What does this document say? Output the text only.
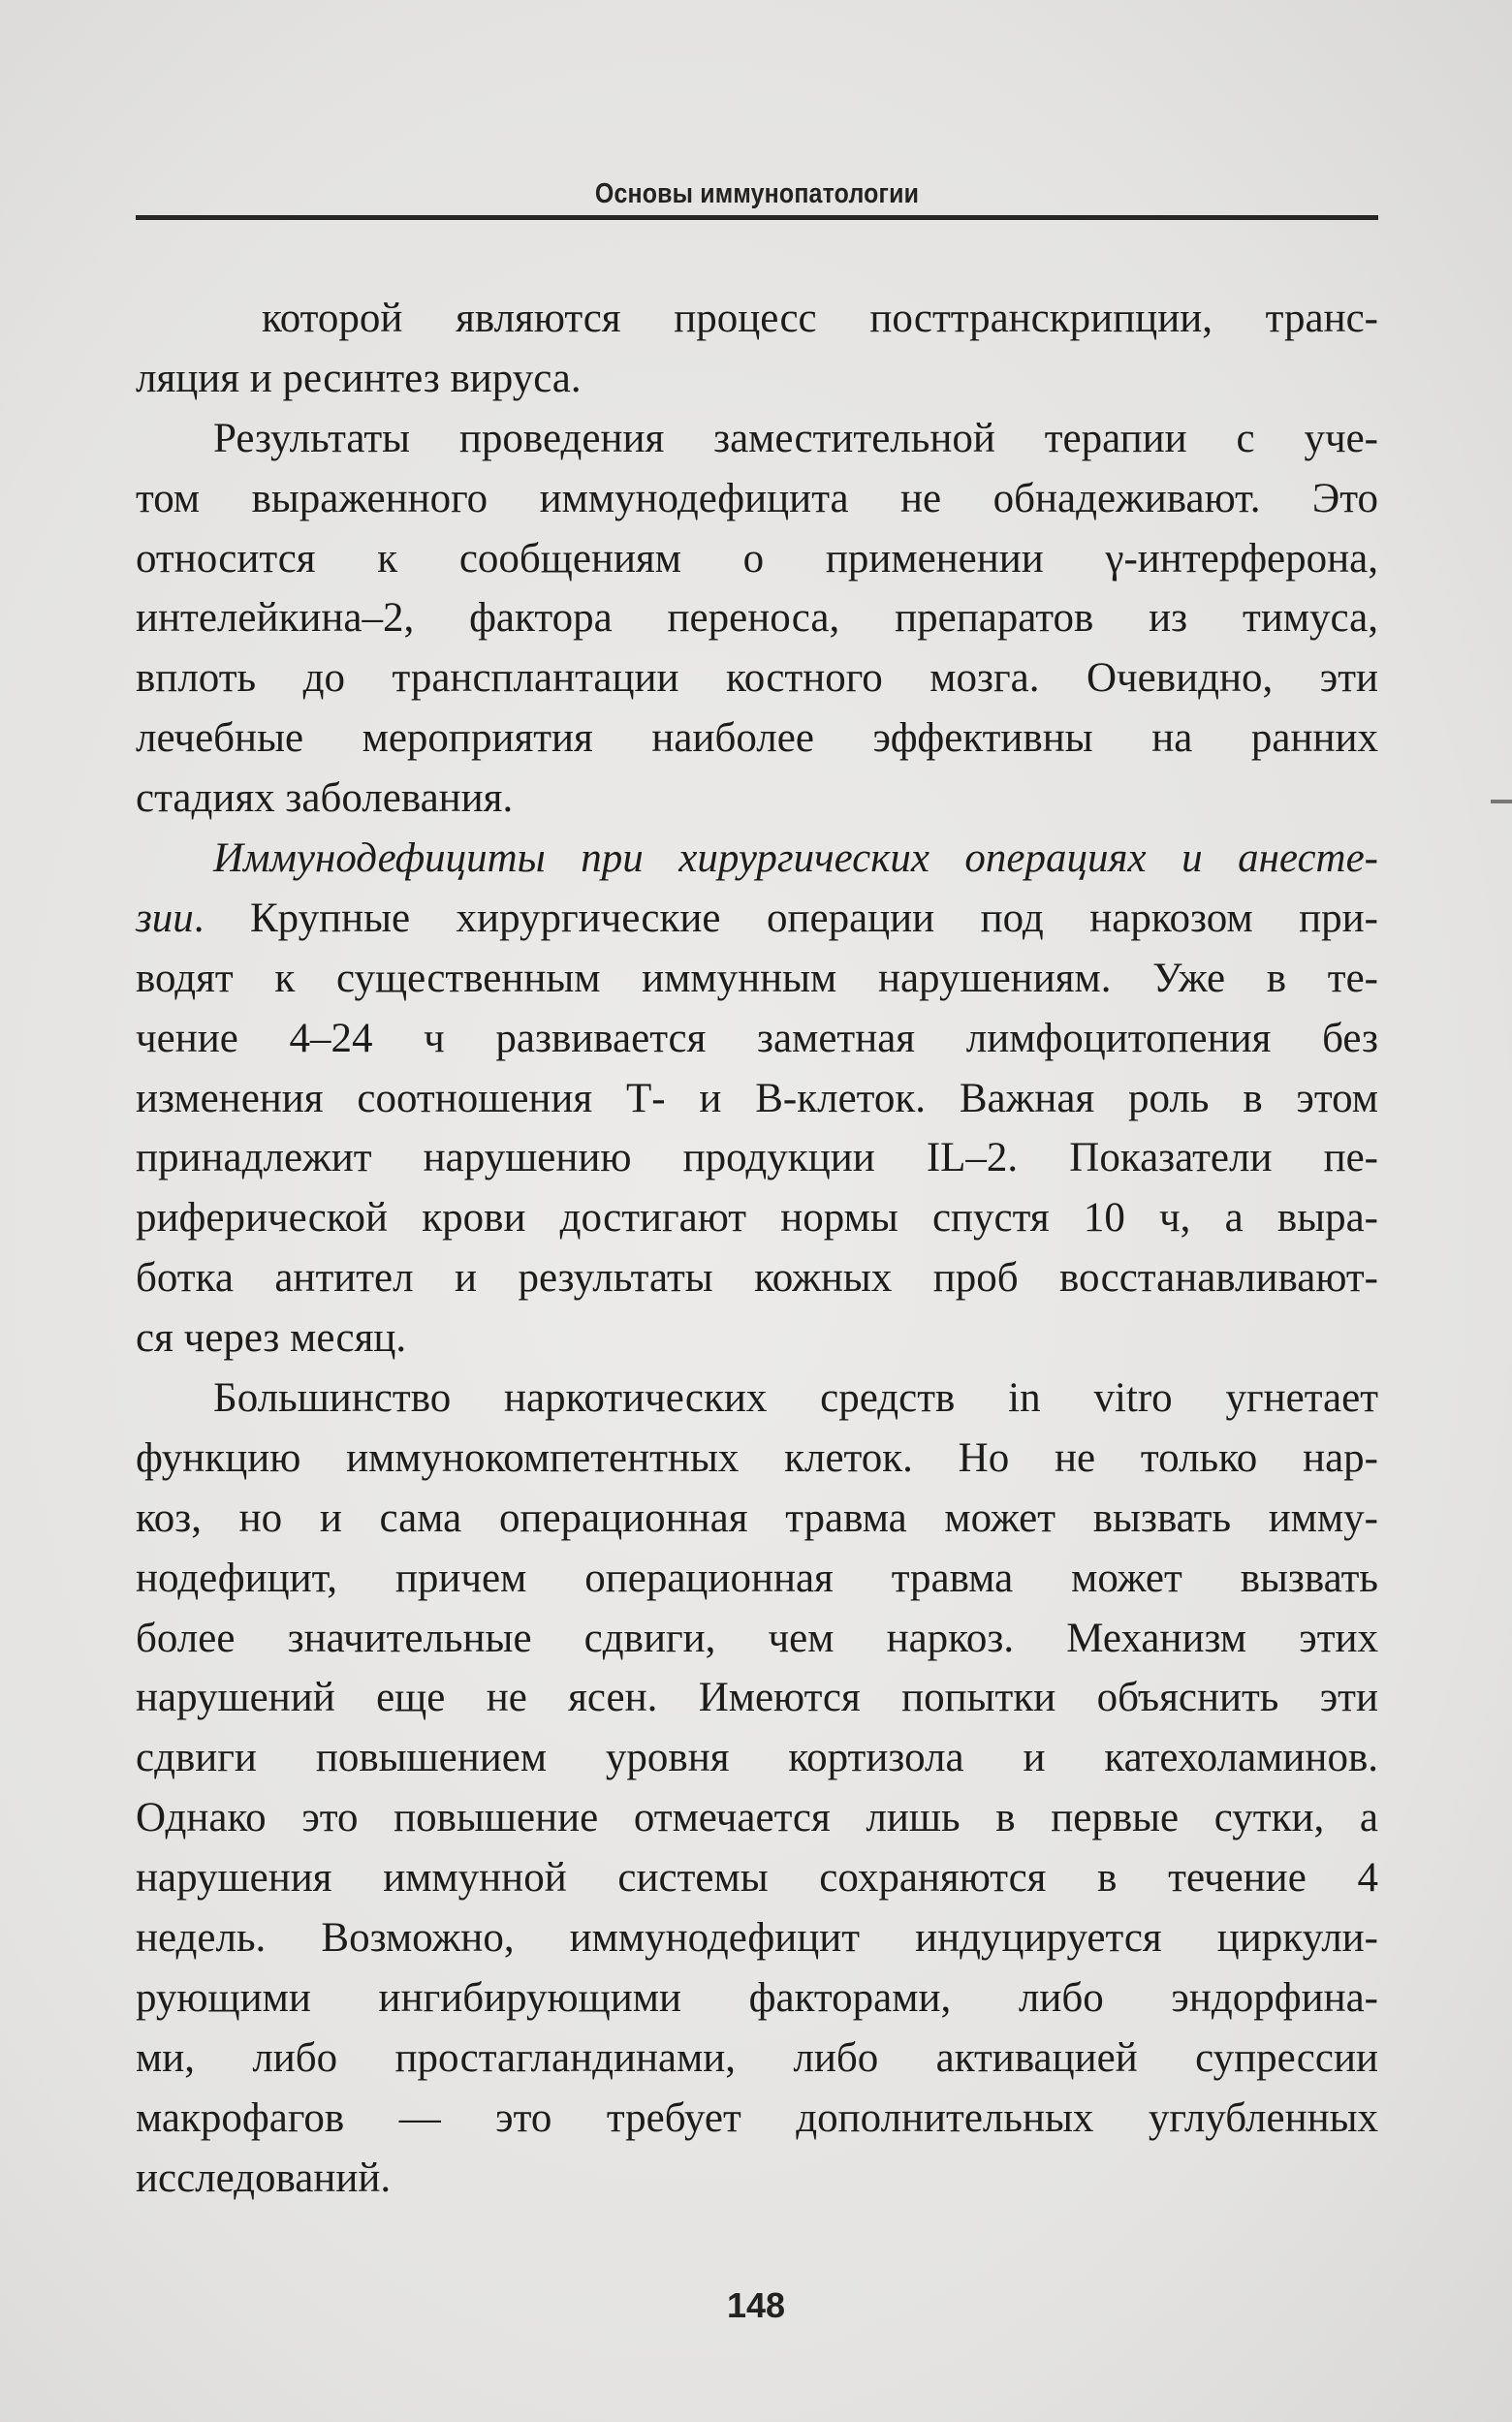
Основы иммунопатологии
которой являются процесс посттранскрипции, транс-
ляция и ресинтез вируса.
Результаты проведения заместительной терапии с уче-
том выраженного иммунодефицита не обнадеживают. Это
относится к сообщениям о применении γ-интерферона,
интелейкина–2, фактора переноса, препаратов из тимуса,
вплоть до трансплантации костного мозга. Очевидно, эти
лечебные мероприятия наиболее эффективны на ранних
стадиях заболевания.
Иммунодефициты при хирургических операциях и анесте-
зии. Крупные хирургические операции под наркозом при-
водят к существенным иммунным нарушениям. Уже в те-
чение 4–24 ч развивается заметная лимфоцитопения без
изменения соотношения Т- и В-клеток. Важная роль в этом
принадлежит нарушению продукции IL–2. Показатели пе-
риферической крови достигают нормы спустя 10 ч, а выра-
ботка антител и результаты кожных проб восстанавливают-
ся через месяц.
Большинство наркотических средств in vitro угнетает
функцию иммунокомпетентных клеток. Но не только нар-
коз, но и сама операционная травма может вызвать имму-
нодефицит, причем операционная травма может вызвать
более значительные сдвиги, чем наркоз. Механизм этих
нарушений еще не ясен. Имеются попытки объяснить эти
сдвиги повышением уровня кортизола и катехоламинов.
Однако это повышение отмечается лишь в первые сутки, а
нарушения иммунной системы сохраняются в течение 4
недель. Возможно, иммунодефицит индуцируется циркули-
рующими ингибирующими факторами, либо эндорфина-
ми, либо простагландинами, либо активацией супрессии
макрофагов — это требует дополнительных углубленных
исследований.
148
